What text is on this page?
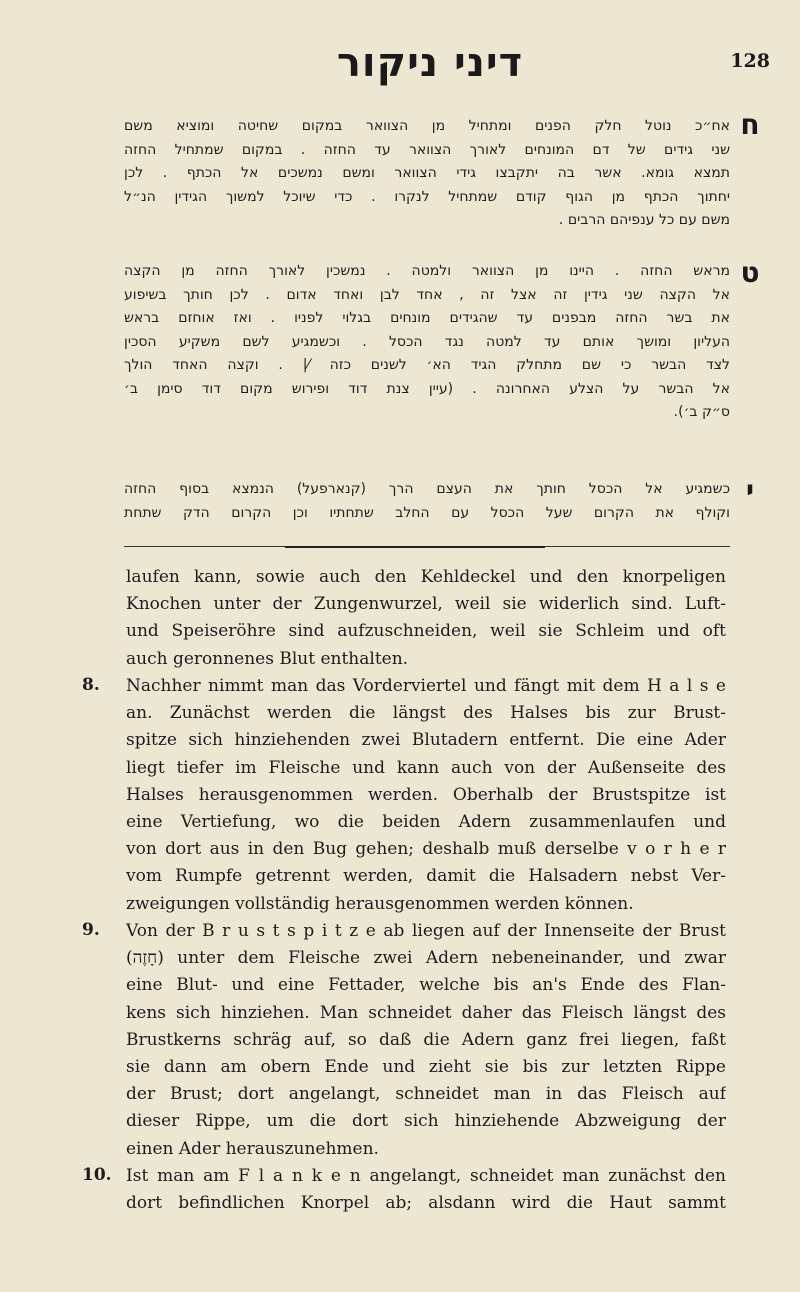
דיני ניקור	128
ח
אח״כ נוטל חלק הפנים ומתחיל מן הצוואר במקום שחיטה ומוציא משם
שני גידים של דם המונחים לאורך הצוואר עד החזה . במקום שמתחיל החזה
תמצא גומא. אשר בה יתקבצו גידי הצוואר ומשם נמשכים אל הכתף . לכן
יחתוך הכתף מן הגוף קודם שמתחיל לנקרו . כדי שיוכל למשוך הגידין הנ״ל
משם עם כל ענפיהם הרבים .
ט
מראש החזה . היינו מן הצוואר ולמטה . נמשכין לאורך החזה מן הקצה
אל הקצה שני גידין זה אצל זה , אחד לבן ואחד אדום . לכן חותך בשיפוע
את בשר החזה מבפנים עד שהגידים מונחים בגלוי לפניו . ואז אוחזם בראש
העליון ומושך אותם עד למטה נגד הכסל . וכשמגיע לשם משקיע הסכין
לצד הבשר כי שם מתחלק הגיד הא׳ לשנים כזה ⁄| . וקצה האחד הולך
אל הבשר על הצלע האחרונה . (עיין צנת דוד ופירוש מקום דוד סימן ב׳
ס״ק ב׳).
י
כשמגיע אל הכסל חותך את העצם הרך (קנארפעל) הנמצא בסוף החזה
וקולף את הקרום שעל הכסל עם החלב שתחתיו וכן הקרום הדק שתחת
laufen kann, sowie auch den Kehldeckel und den knorpeligen
Knochen unter der Zungenwurzel, weil sie widerlich sind. Luft-
und Speiseröhre sind aufzuschneiden, weil sie Schleim und oft
auch geronnenes Blut enthalten.
8.	Nachher nimmt man das Vorderviertel und fängt mit dem H a l s e
an. Zunächst werden die längst des Halses bis zur Brust-
spitze sich hinziehenden zwei Blutadern entfernt. Die eine Ader
liegt tiefer im Fleische und kann auch von der Außenseite des
Halses herausgenommen werden. Oberhalb der Brustspitze ist
eine Vertiefung, wo die beiden Adern zusammenlaufen und
von dort aus in den Bug gehen; deshalb muß derselbe v o r h e r
vom Rumpfe getrennt werden, damit die Halsadern nebst Ver-
zweigungen vollständig herausgenommen werden können.
9.	Von der B r u s t s p i t z e ab liegen auf der Innenseite der Brust
(חָזֶה) unter dem Fleische zwei Adern nebeneinander, und zwar
eine Blut- und eine Fettader, welche bis an's Ende des Flan-
kens sich hinziehen. Man schneidet daher das Fleisch längst des
Brustkerns schräg auf, so daß die Adern ganz frei liegen, faßt
sie dann am obern Ende und zieht sie bis zur letzten Rippe
der Brust; dort angelangt, schneidet man in das Fleisch auf
dieser Rippe, um die dort sich hinziehende Abzweigung der
einen Ader herauszunehmen.
10. Ist man am F l a n k e n angelangt, schneidet man zunächst den
dort befindlichen Knorpel ab; alsdann wird die Haut sammt
